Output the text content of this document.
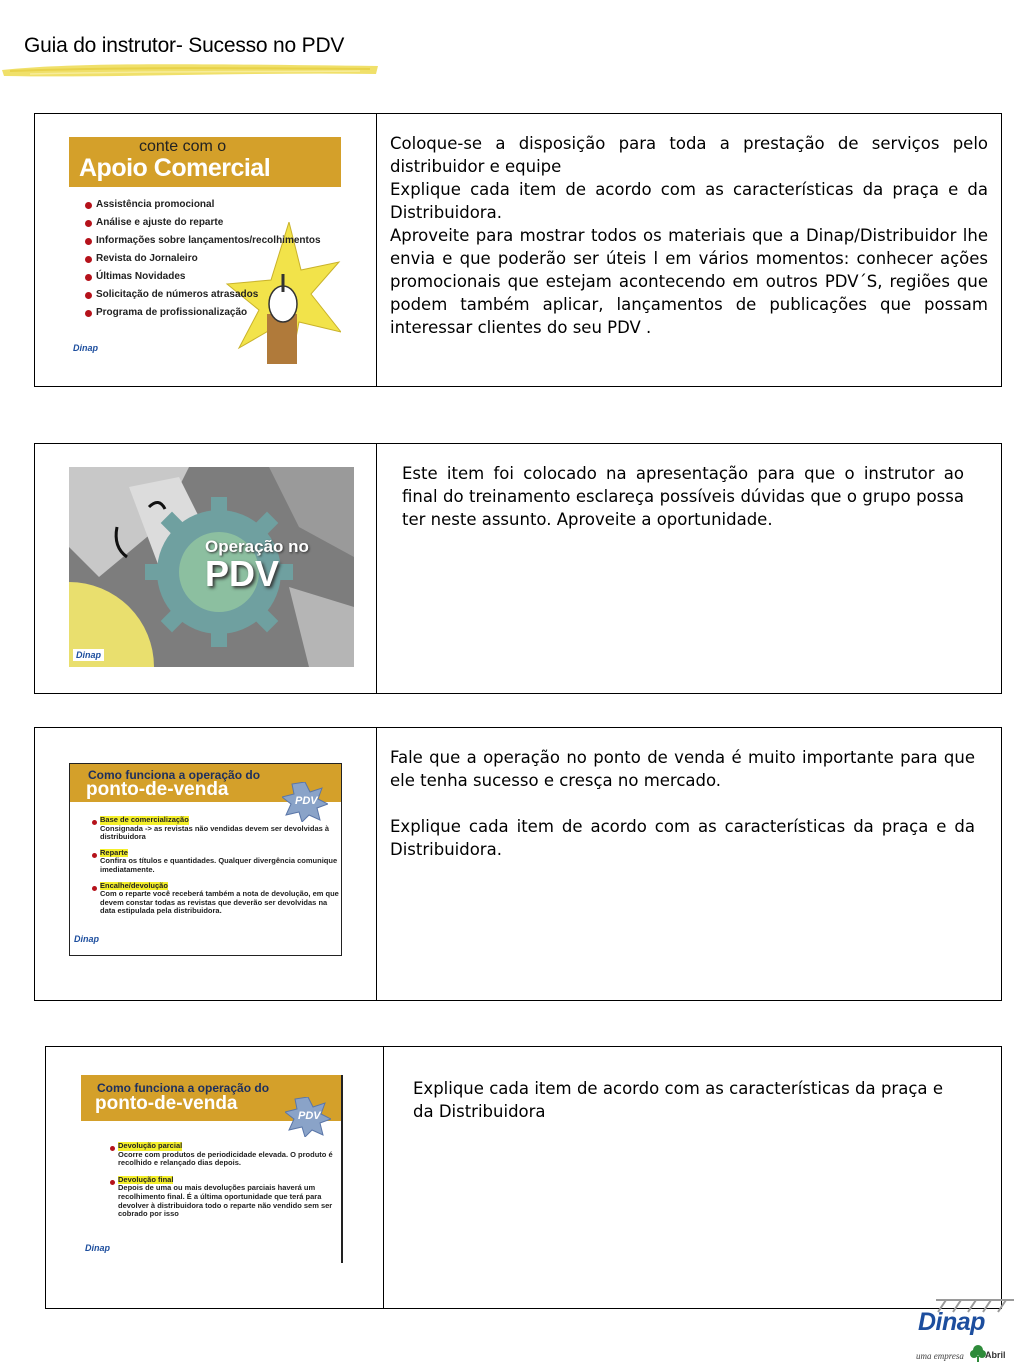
Guia do instrutor- Sucesso no PDV
conte com o
Apoio Comercial
Assistência promocional
Análise e ajuste do reparte
Informações sobre lançamentos/recolhimentos
Revista do Jornaleiro
Últimas Novidades
Solicitação de números atrasados
Programa de profissionalização
Dinap

Coloque-se a disposição para toda a prestação de serviços pelo distribuidor e equipe

Explique cada item de acordo com as características da praça e da Distribuidora.

Aproveite para mostrar todos os materiais que a Dinap/Distribuidor lhe envia e que poderão ser úteis l em vários momentos: conhecer ações promocionais que estejam acontecendo em outros PDV´S, regiões que podem também aplicar, lançamentos de publicações que possam interessar clientes do seu PDV .

Operação no
PDV
Dinap

Este item foi colocado na apresentação para que o instrutor ao final do treinamento esclareça possíveis dúvidas que o grupo possa ter neste assunto. Aproveite a oportunidade.

Como funciona a operação do
ponto-de-venda
PDV
Base de comercialização
Consignada -> as revistas não vendidas devem ser devolvidas à distribuidora
Reparte
Confira os títulos e quantidades. Qualquer divergência comunique imediatamente.
Encalhe/devolução
Com o reparte você receberá também a nota de devolução, em que devem constar todas as revistas que deverão ser devolvidas na data estipulada pela distribuidora.
Dinap

Fale que a operação no ponto de venda é muito importante para que ele tenha sucesso e cresça no mercado.

Explique cada item de acordo com as características da praça e da Distribuidora.

Como funciona a operação do
ponto-de-venda
PDV
Devolução parcial
Ocorre com produtos de periodicidade elevada. O produto é recolhido e relançado dias depois.
Devolução final
Depois de uma ou mais devoluções parciais haverá um recolhimento final. É a última oportunidade que terá para devolver à distribuidora todo o reparte não vendido sem ser cobrado por isso
Dinap

Explique cada item de acordo com as características da praça e da Distribuidora

Dinap
uma empresa Abril
